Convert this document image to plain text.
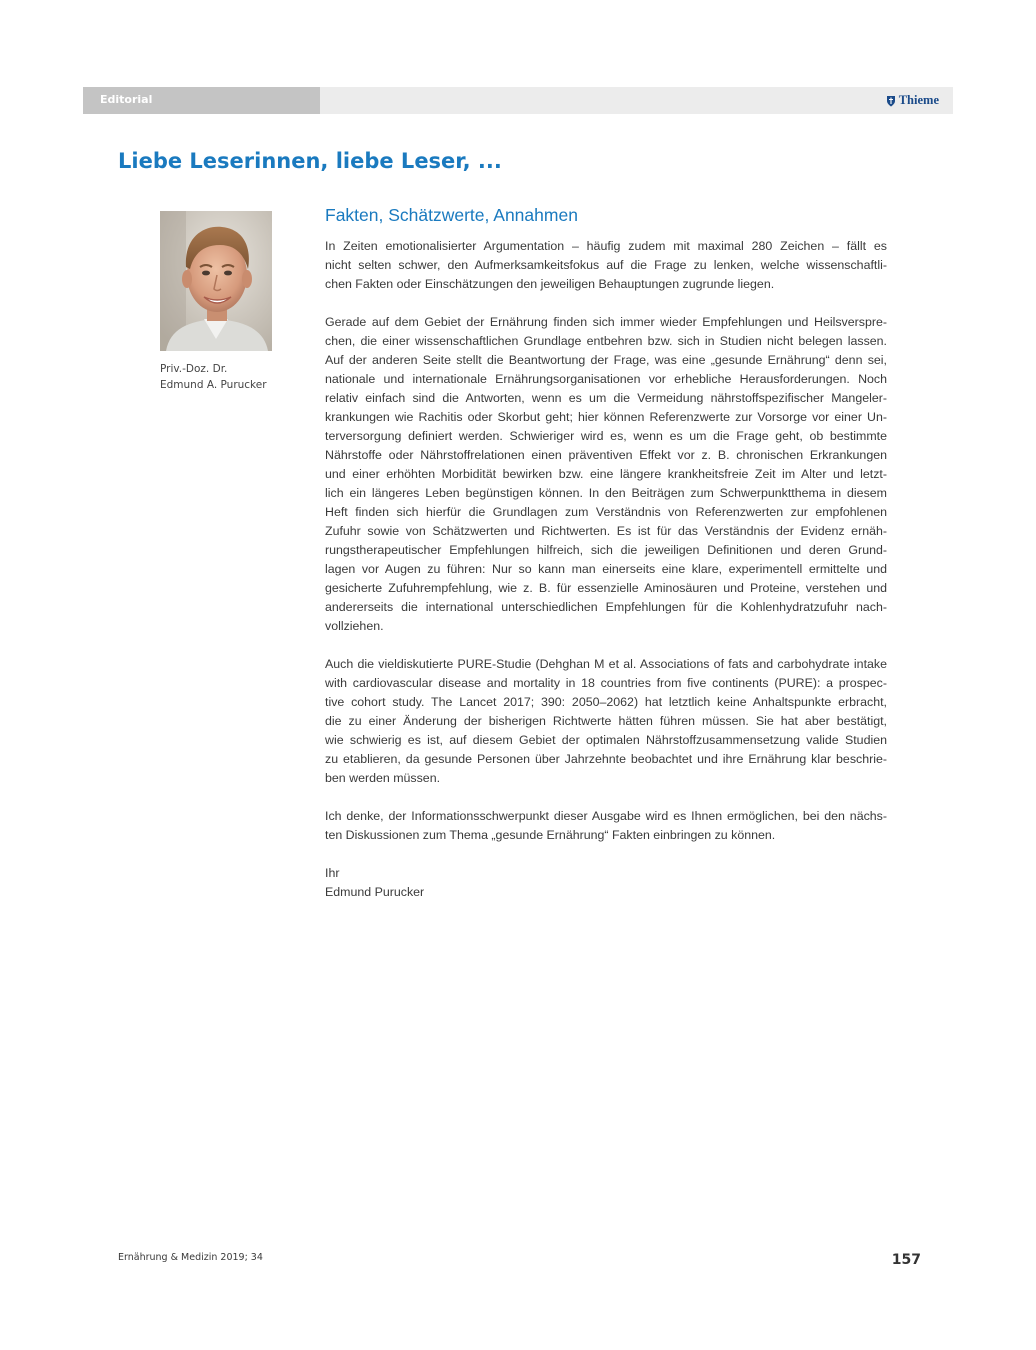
Editorial	Thieme
Liebe Leserinnen, liebe Leser, ...
Priv.-Doz. Dr.
Edmund A. Purucker
Fakten, Schätzwerte, Annahmen

In Zeiten emotionalisierter Argumentation – häufig zudem mit maximal 280 Zeichen – fällt es
nicht selten schwer, den Aufmerksamkeitsfokus auf die Frage zu lenken, welche wissenschaftli-
chen Fakten oder Einschätzungen den jeweiligen Behauptungen zugrunde liegen.

Gerade auf dem Gebiet der Ernährung finden sich immer wieder Empfehlungen und Heilsverspre-
chen, die einer wissenschaftlichen Grundlage entbehren bzw. sich in Studien nicht belegen lassen.
Auf der anderen Seite stellt die Beantwortung der Frage, was eine „gesunde Ernährung“ denn sei,
nationale und internationale Ernährungsorganisationen vor erhebliche Herausforderungen. Noch
relativ einfach sind die Antworten, wenn es um die Vermeidung nährstoffspezifischer Mangeler-
krankungen wie Rachitis oder Skorbut geht; hier können Referenzwerte zur Vorsorge vor einer Un-
terversorgung definiert werden. Schwieriger wird es, wenn es um die Frage geht, ob bestimmte
Nährstoffe oder Nährstoffrelationen einen präventiven Effekt vor z. B. chronischen Erkrankungen
und einer erhöhten Morbidität bewirken bzw. eine längere krankheitsfreie Zeit im Alter und letzt-
lich ein längeres Leben begünstigen können. In den Beiträgen zum Schwerpunktthema in diesem
Heft finden sich hierfür die Grundlagen zum Verständnis von Referenzwerten zur empfohlenen
Zufuhr sowie von Schätzwerten und Richtwerten. Es ist für das Verständnis der Evidenz ernäh-
rungstherapeutischer Empfehlungen hilfreich, sich die jeweiligen Definitionen und deren Grund-
lagen vor Augen zu führen: Nur so kann man einerseits eine klare, experimentell ermittelte und
gesicherte Zufuhrempfehlung, wie z. B. für essenzielle Aminosäuren und Proteine, verstehen und
andererseits die international unterschiedlichen Empfehlungen für die Kohlenhydratzufuhr nach-
vollziehen.

Auch die vieldiskutierte PURE-Studie (Dehghan M et al. Associations of fats and carbohydrate intake
with cardiovascular disease and mortality in 18 countries from five continents (PURE): a prospec-
tive cohort study. The Lancet 2017; 390: 2050–2062) hat letztlich keine Anhaltspunkte erbracht,
die zu einer Änderung der bisherigen Richtwerte hätten führen müssen. Sie hat aber bestätigt,
wie schwierig es ist, auf diesem Gebiet der optimalen Nährstoffzusammensetzung valide Studien
zu etablieren, da gesunde Personen über Jahrzehnte beobachtet und ihre Ernährung klar beschrie-
ben werden müssen.

Ich denke, der Informationsschwerpunkt dieser Ausgabe wird es Ihnen ermöglichen, bei den nächs-
ten Diskussionen zum Thema „gesunde Ernährung“ Fakten einbringen zu können.

Ihr
Edmund Purucker

Ernährung & Medizin 2019; 34	157
